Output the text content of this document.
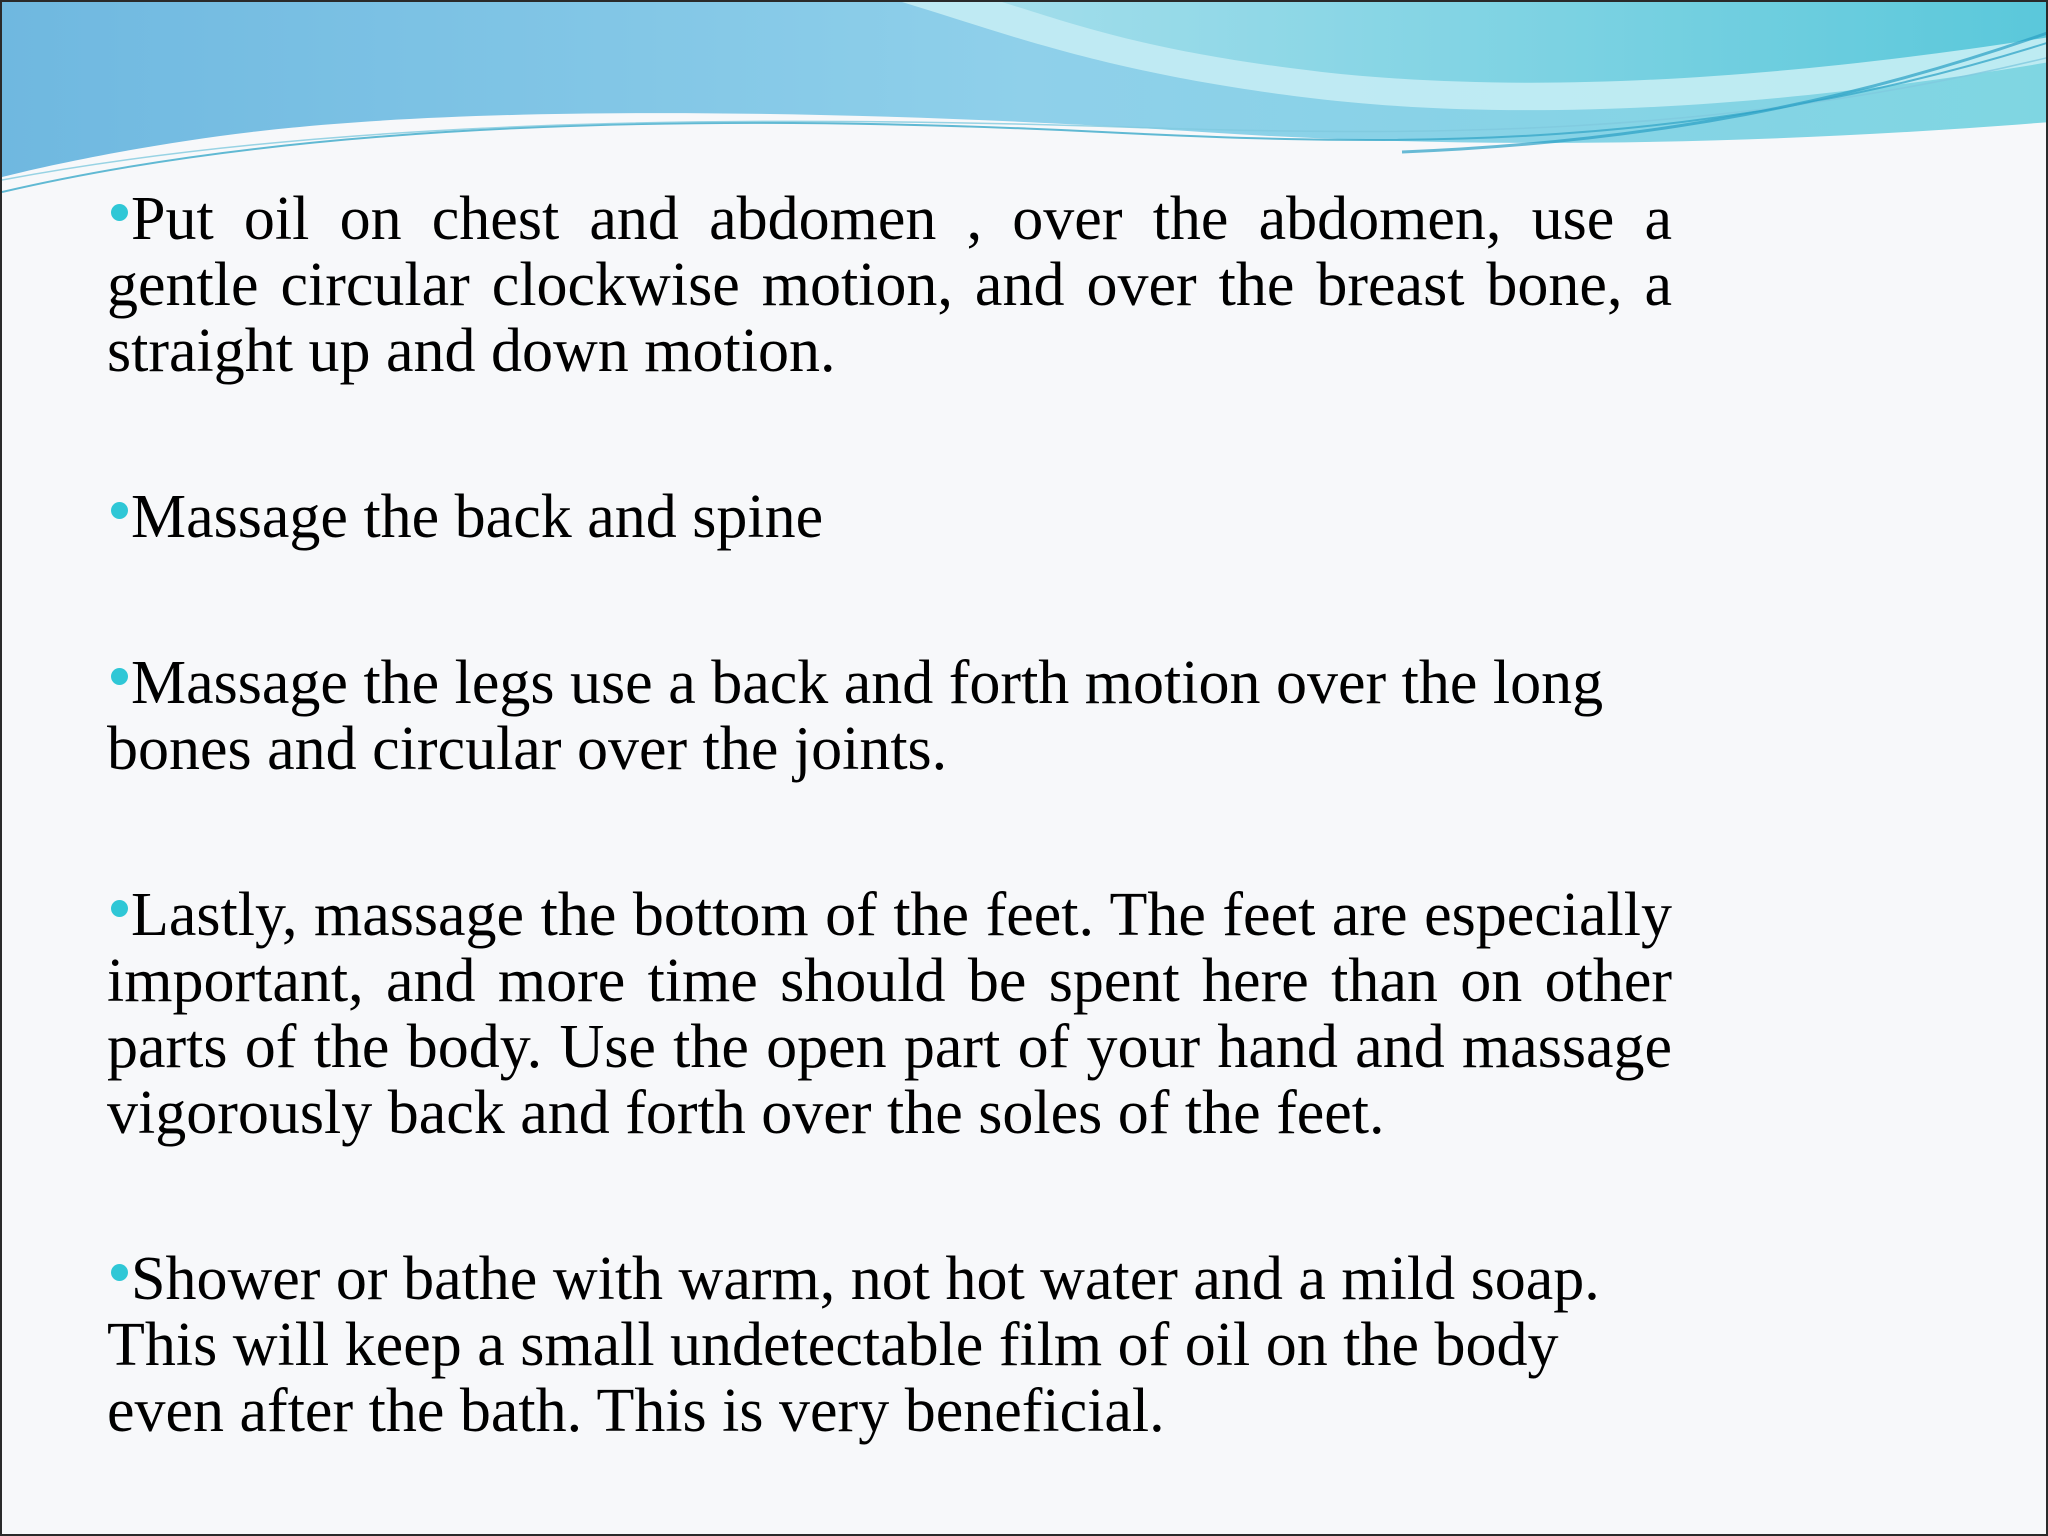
Put oil on chest and abdomen , over the abdomen, use a gentle circular clockwise motion, and over the breast bone, a straight up and down motion.

Massage the back and spine

Massage the legs use a back and forth motion over the long bones and circular over the joints.

Lastly, massage the bottom of the feet. The feet are especially important, and more time should be spent here than on other parts of the body. Use the open part of your hand and massage vigorously back and forth over the soles of the feet.

Shower or bathe with warm, not hot water and a mild soap. This will keep a small undetectable film of oil on the body even after the bath. This is very beneficial.
